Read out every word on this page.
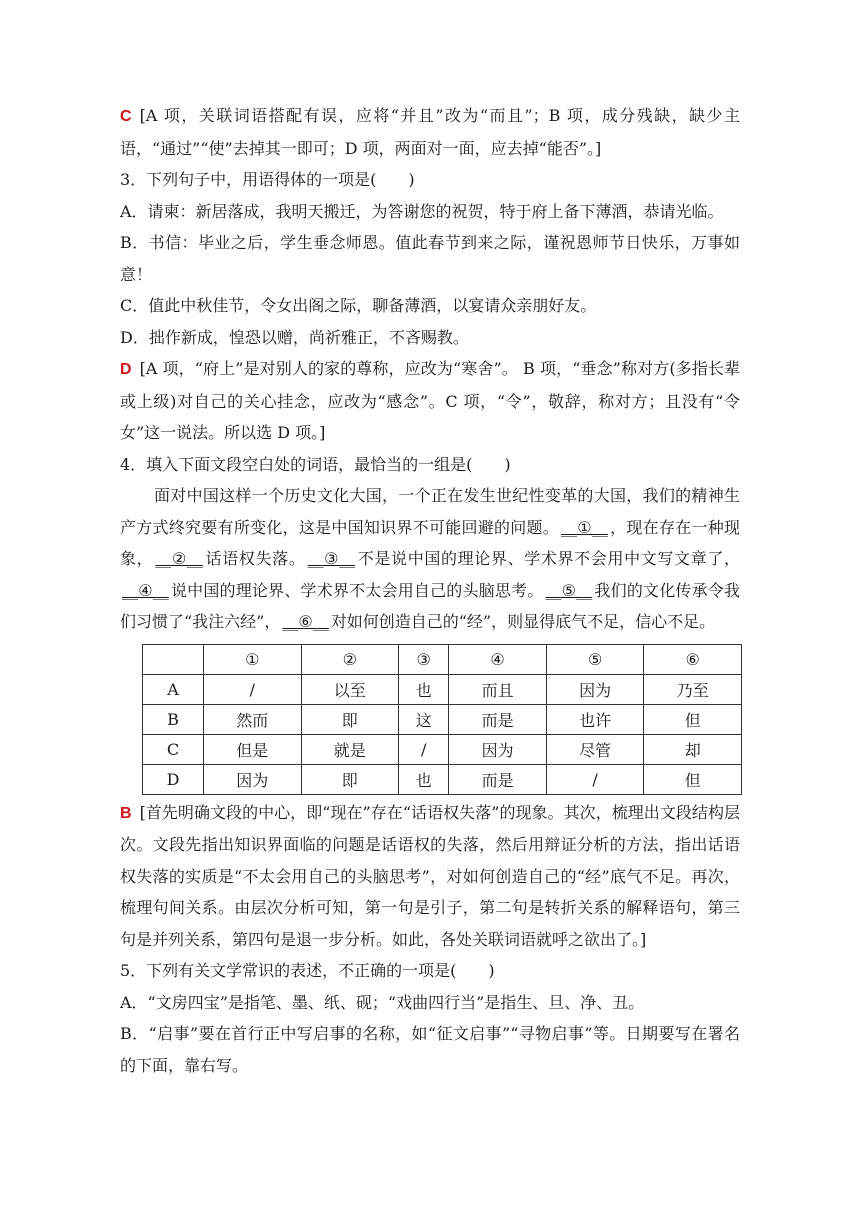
C [A 项，关联词语搭配有误，应将“并且”改为“而且”；B 项，成分残缺，缺少主语，“通过”“使”去掉其一即可；D 项，两面对一面，应去掉“能否”。]

3．下列句子中，用语得体的一项是(　　)

A．请柬：新居落成，我明天搬迁，为答谢您的祝贺，特于府上备下薄酒，恭请光临。

B．书信：毕业之后，学生垂念师恩。值此春节到来之际，谨祝恩师节日快乐，万事如意！

C．值此中秋佳节，令女出阁之际，聊备薄酒，以宴请众亲朋好友。

D．拙作新成，惶恐以赠，尚祈雅正，不吝赐教。

D [A 项，“府上”是对别人的家的尊称，应改为“寒舍”。 B 项，“垂念”称对方(多指长辈或上级)对自己的关心挂念，应改为“感念”。C 项，“令”，敬辞，称对方；且没有“令女”这一说法。所以选 D 项。]

4．填入下面文段空白处的词语，最恰当的一组是(　　)

面对中国这样一个历史文化大国，一个正在发生世纪性变革的大国，我们的精神生产方式终究要有所变化，这是中国知识界不可能回避的问题。 __①__ ，现在存在一种现象， __②__ 话语权失落。 __③__ 不是说中国的理论界、学术界不会用中文写文章了，__④__ 说中国的理论界、学术界不太会用自己的头脑思考。 __⑤__ 我们的文化传承令我们习惯了“我注六经”， __⑥__ 对如何创造自己的“经”，则显得底气不足，信心不足。

	①	②	③	④	⑤	⑥
A	/	以至	也	而且	因为	乃至
B	然而	即	这	而是	也许	但
C	但是	就是	/	因为	尽管	却
D	因为	即	也	而是	/	但

B [首先明确文段的中心，即“现在”存在“话语权失落”的现象。其次，梳理出文段结构层次。文段先指出知识界面临的问题是话语权的失落，然后用辩证分析的方法，指出话语权失落的实质是“不太会用自己的头脑思考”，对如何创造自己的“经”底气不足。再次，梳理句间关系。由层次分析可知，第一句是引子，第二句是转折关系的解释语句，第三句是并列关系，第四句是退一步分析。如此，各处关联词语就呼之欲出了。]

5．下列有关文学常识的表述，不正确的一项是(　　)

A．“文房四宝”是指笔、墨、纸、砚；“戏曲四行当”是指生、旦、净、丑。

B．“启事”要在首行正中写启事的名称，如“征文启事”“寻物启事”等。日期要写在署名的下面，靠右写。
